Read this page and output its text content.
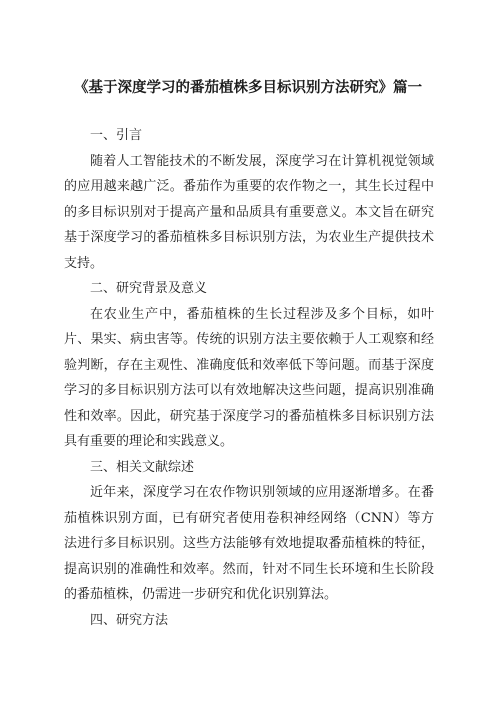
《基于深度学习的番茄植株多目标识别方法研究》篇一

一、引言

随着人工智能技术的不断发展，深度学习在计算机视觉领域的应用越来越广泛。番茄作为重要的农作物之一，其生长过程中的多目标识别对于提高产量和品质具有重要意义。本文旨在研究基于深度学习的番茄植株多目标识别方法，为农业生产提供技术支持。

二、研究背景及意义

在农业生产中，番茄植株的生长过程涉及多个目标，如叶片、果实、病虫害等。传统的识别方法主要依赖于人工观察和经验判断，存在主观性、准确度低和效率低下等问题。而基于深度学习的多目标识别方法可以有效地解决这些问题，提高识别准确性和效率。因此，研究基于深度学习的番茄植株多目标识别方法具有重要的理论和实践意义。

三、相关文献综述

近年来，深度学习在农作物识别领域的应用逐渐增多。在番茄植株识别方面，已有研究者使用卷积神经网络（CNN）等方法进行多目标识别。这些方法能够有效地提取番茄植株的特征，提高识别的准确性和效率。然而，针对不同生长环境和生长阶段的番茄植株，仍需进一步研究和优化识别算法。

四、研究方法
